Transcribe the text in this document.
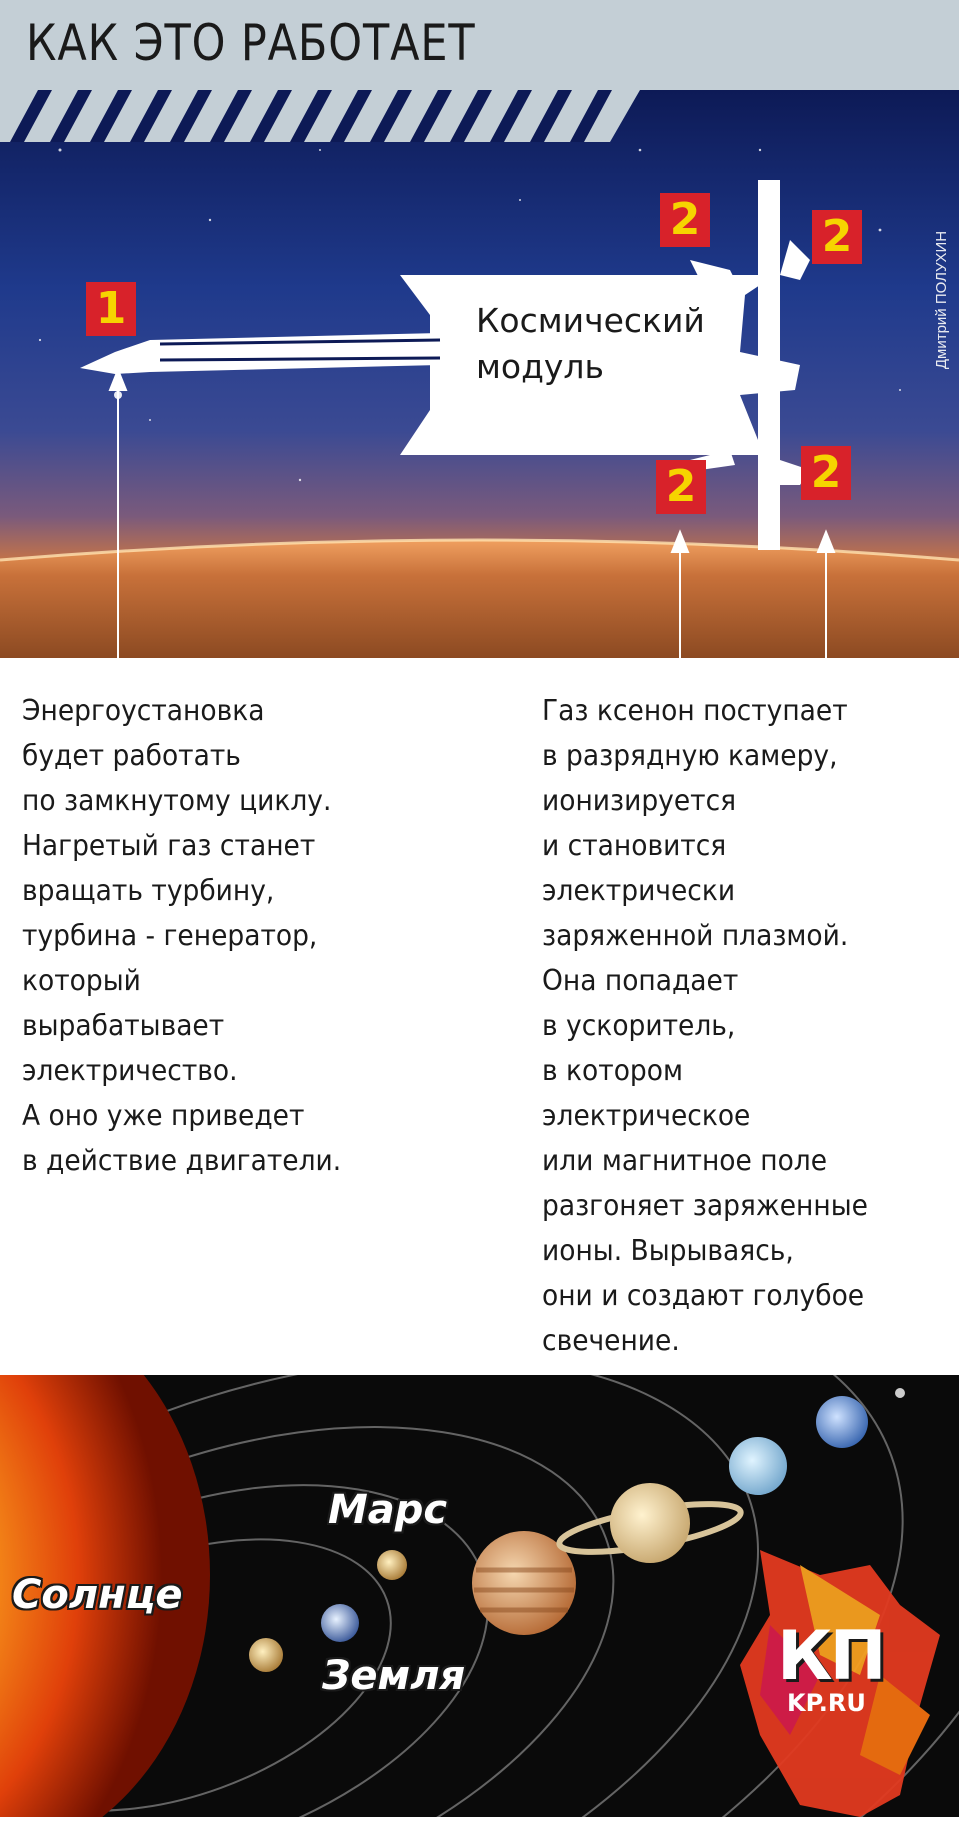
КАК ЭТО РАБОТАЕТ
1
2	2
2	2
Космический
модуль	Дмитрий ПОЛУХИН
Энергоустановка
будет работать
по замкнутому циклу.
Нагретый газ станет
вращать турбину,
турбина - генератор,
который
вырабатывает
электричество.
А оно уже приведет
в действие двигатели.
Газ ксенон поступает
в разрядную камеру,
ионизируется
и становится
электрически
заряженной плазмой.
Она попадает
в ускоритель,
в котором
электрическое
или магнитное поле
разгоняет заряженные
ионы. Вырываясь,
они и создают голубое
свечение.
Солнце
Марс
Земля	КП
KP.RU
